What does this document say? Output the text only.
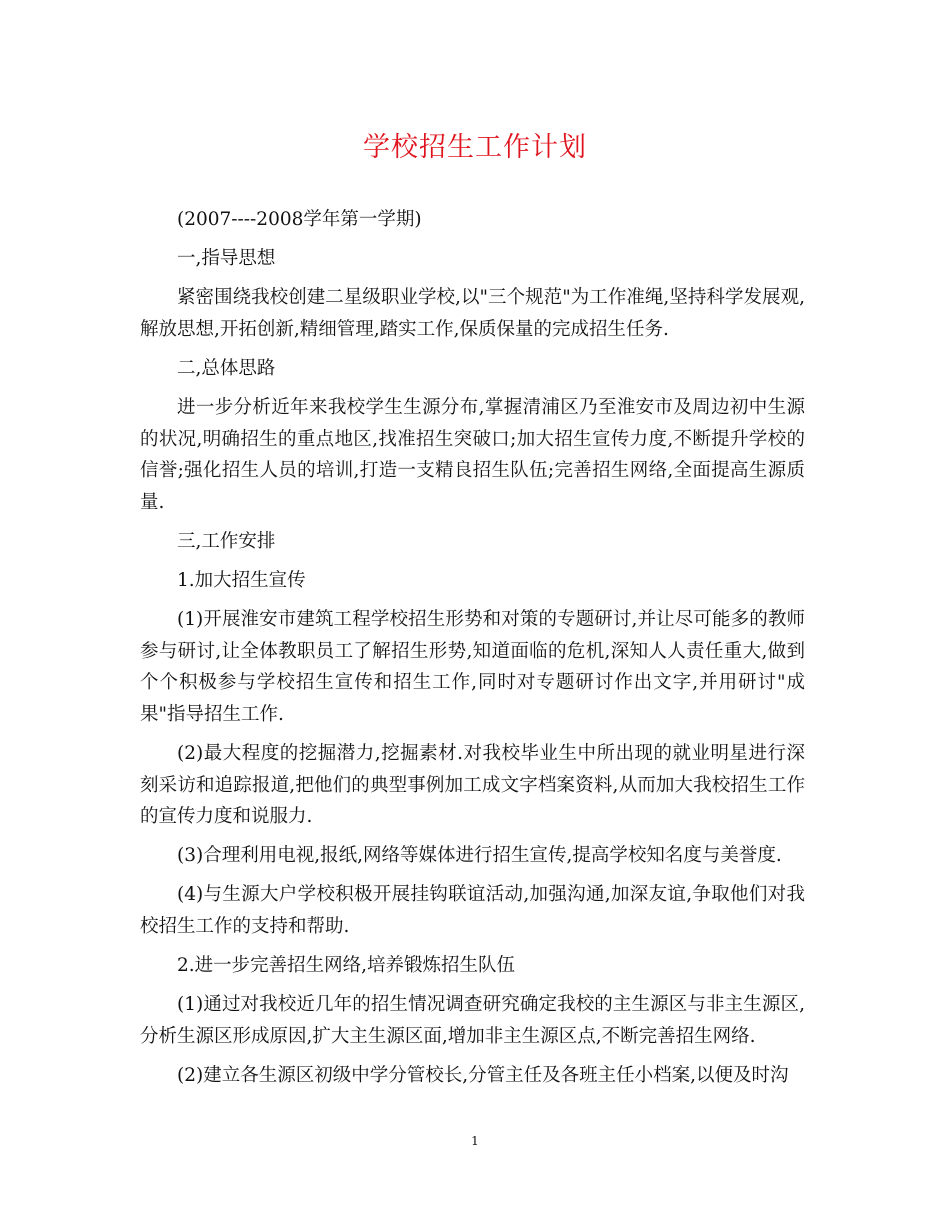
学校招生工作计划

(2007----2008学年第一学期)

一,指导思想

紧密围绕我校创建二星级职业学校,以"三个规范"为工作准绳,坚持科学发展观,解放思想,开拓创新,精细管理,踏实工作,保质保量的完成招生任务.

二,总体思路

进一步分析近年来我校学生生源分布,掌握清浦区乃至淮安市及周边初中生源的状况,明确招生的重点地区,找准招生突破口;加大招生宣传力度,不断提升学校的信誉;强化招生人员的培训,打造一支精良招生队伍;完善招生网络,全面提高生源质量.

三,工作安排

1.加大招生宣传

(1)开展淮安市建筑工程学校招生形势和对策的专题研讨,并让尽可能多的教师参与研讨,让全体教职员工了解招生形势,知道面临的危机,深知人人责任重大,做到个个积极参与学校招生宣传和招生工作,同时对专题研讨作出文字,并用研讨"成果"指导招生工作.

(2)最大程度的挖掘潜力,挖掘素材.对我校毕业生中所出现的就业明星进行深刻采访和追踪报道,把他们的典型事例加工成文字档案资料,从而加大我校招生工作的宣传力度和说服力.

(3)合理利用电视,报纸,网络等媒体进行招生宣传,提高学校知名度与美誉度.

(4)与生源大户学校积极开展挂钩联谊活动,加强沟通,加深友谊,争取他们对我校招生工作的支持和帮助.

2.进一步完善招生网络,培养锻炼招生队伍

(1)通过对我校近几年的招生情况调查研究确定我校的主生源区与非主生源区,分析生源区形成原因,扩大主生源区面,增加非主生源区点,不断完善招生网络.

(2)建立各生源区初级中学分管校长,分管主任及各班主任小档案,以便及时沟

1
